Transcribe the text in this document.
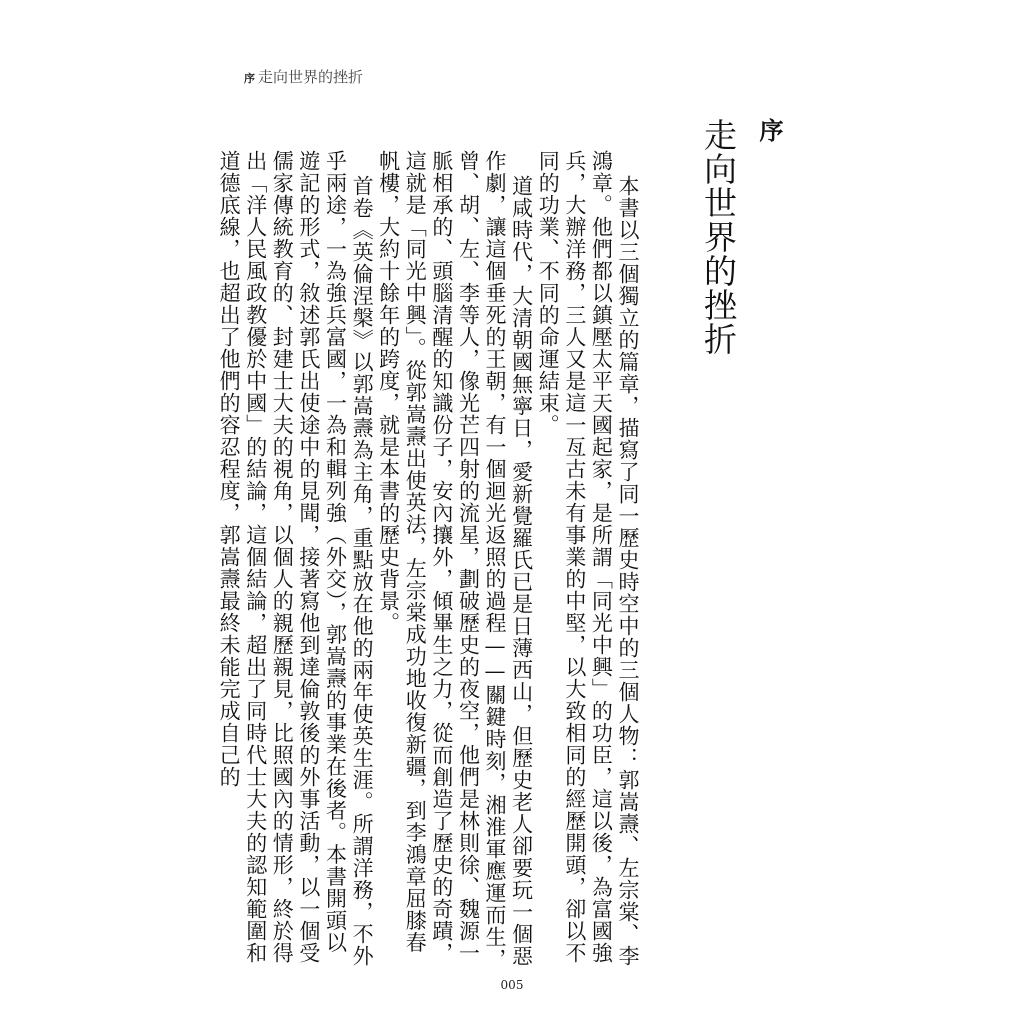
序 走向世界的挫折
序
走向世界的挫折

本書以三個獨立的篇章，描寫了同一歷史時空中的三個人物：郭嵩燾、左宗棠、李鴻章。他們都以鎮壓太平天國起家，是所謂「同光中興」的功臣，這以後，為富國強兵，大辦洋務，三人又是這一亙古未有事業的中堅，以大致相同的經歷開頭，卻以不同的功業、不同的命運結束。

道咸時代，大清朝國無寧日，愛新覺羅氏已是日薄西山，但歷史老人卻要玩一個惡作劇，讓這個垂死的王朝，有一個迴光返照的過程——關鍵時刻，湘淮軍應運而生，曾、胡、左、李等人，像光芒四射的流星，劃破歷史的夜空，他們是林則徐、魏源一脈相承的、頭腦清醒的知識份子，安內攘外，傾畢生之力，從而創造了歷史的奇蹟，這就是「同光中興」。從郭嵩燾出使英法，左宗棠成功地收復新疆，到李鴻章屈膝春帆樓，大約十餘年的跨度，就是本書的歷史背景。

首卷《英倫涅槃》以郭嵩燾為主角，重點放在他的兩年使英生涯。所謂洋務，不外乎兩途，一為強兵富國，一為和輯列強（外交），郭嵩燾的事業在後者。本書開頭以遊記的形式，敘述郭氏出使途中的見聞，接著寫他到達倫敦後的外事活動，以一個受儒家傳統教育的、封建士大夫的視角，以個人的親歷親見，比照國內的情形，終於得出「洋人民風政教優於中國」的結論，這個結論，超出了同時代士大夫的認知範圍和道德底線，也超出了他們的容忍程度，郭嵩燾最終未能完成自己的

005
